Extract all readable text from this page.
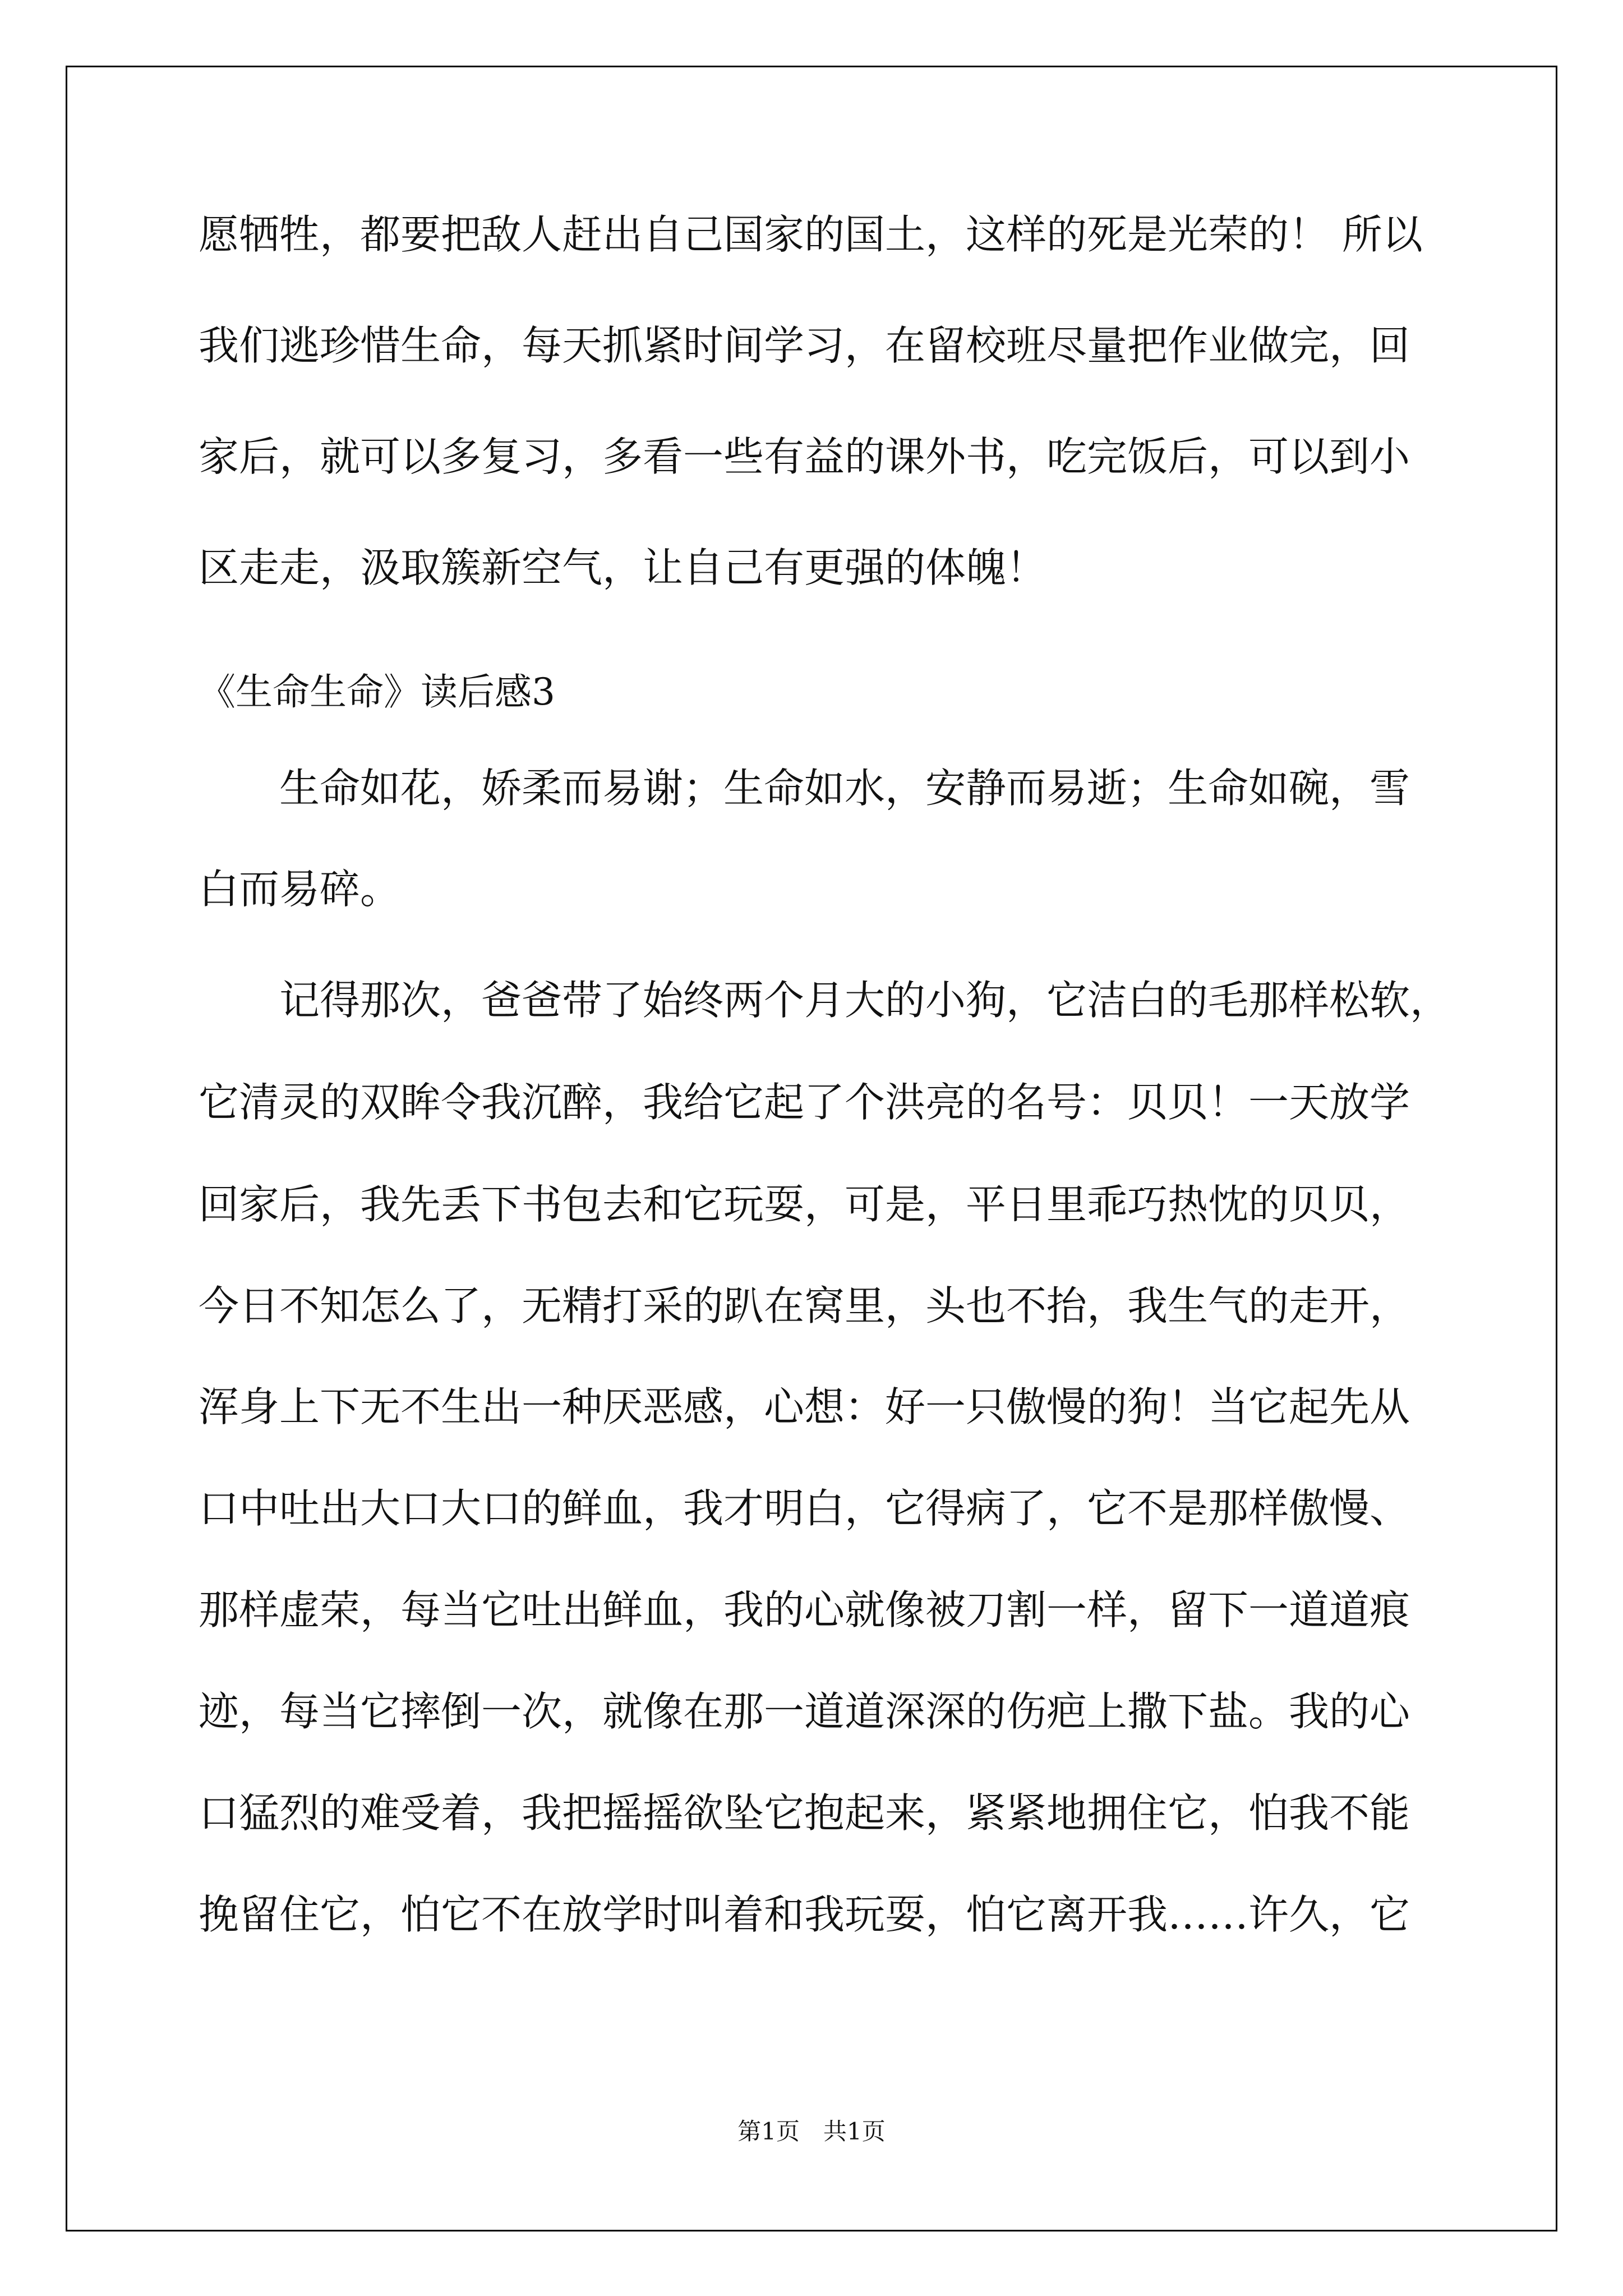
愿牺牲，都要把敌人赶出自己国家的国土，这样的死是光荣的！ 所以

我们逃珍惜生命，每天抓紧时间学习，在留校班尽量把作业做完，回

家后，就可以多复习，多看一些有益的课外书，吃完饭后，可以到小

区走走，汲取簇新空气，让自己有更强的体魄！

《生命生命》读后感3

生命如花，娇柔而易谢；生命如水，安静而易逝；生命如碗，雪

白而易碎。

记得那次，爸爸带了始终两个月大的小狗，它洁白的毛那样松软，

它清灵的双眸令我沉醉，我给它起了个洪亮的名号：贝贝！一天放学

回家后，我先丢下书包去和它玩耍，可是，平日里乖巧热忱的贝贝，

今日不知怎么了，无精打采的趴在窝里，头也不抬，我生气的走开，

浑身上下无不生出一种厌恶感，心想：好一只傲慢的狗！当它起先从

口中吐出大口大口的鲜血，我才明白，它得病了，它不是那样傲慢、

那样虚荣，每当它吐出鲜血，我的心就像被刀割一样，留下一道道痕

迹，每当它摔倒一次，就像在那一道道深深的伤疤上撒下盐。我的心

口猛烈的难受着，我把摇摇欲坠它抱起来，紧紧地拥住它，怕我不能

挽留住它，怕它不在放学时叫着和我玩耍，怕它离开我……许久，它

第1页　共1页
